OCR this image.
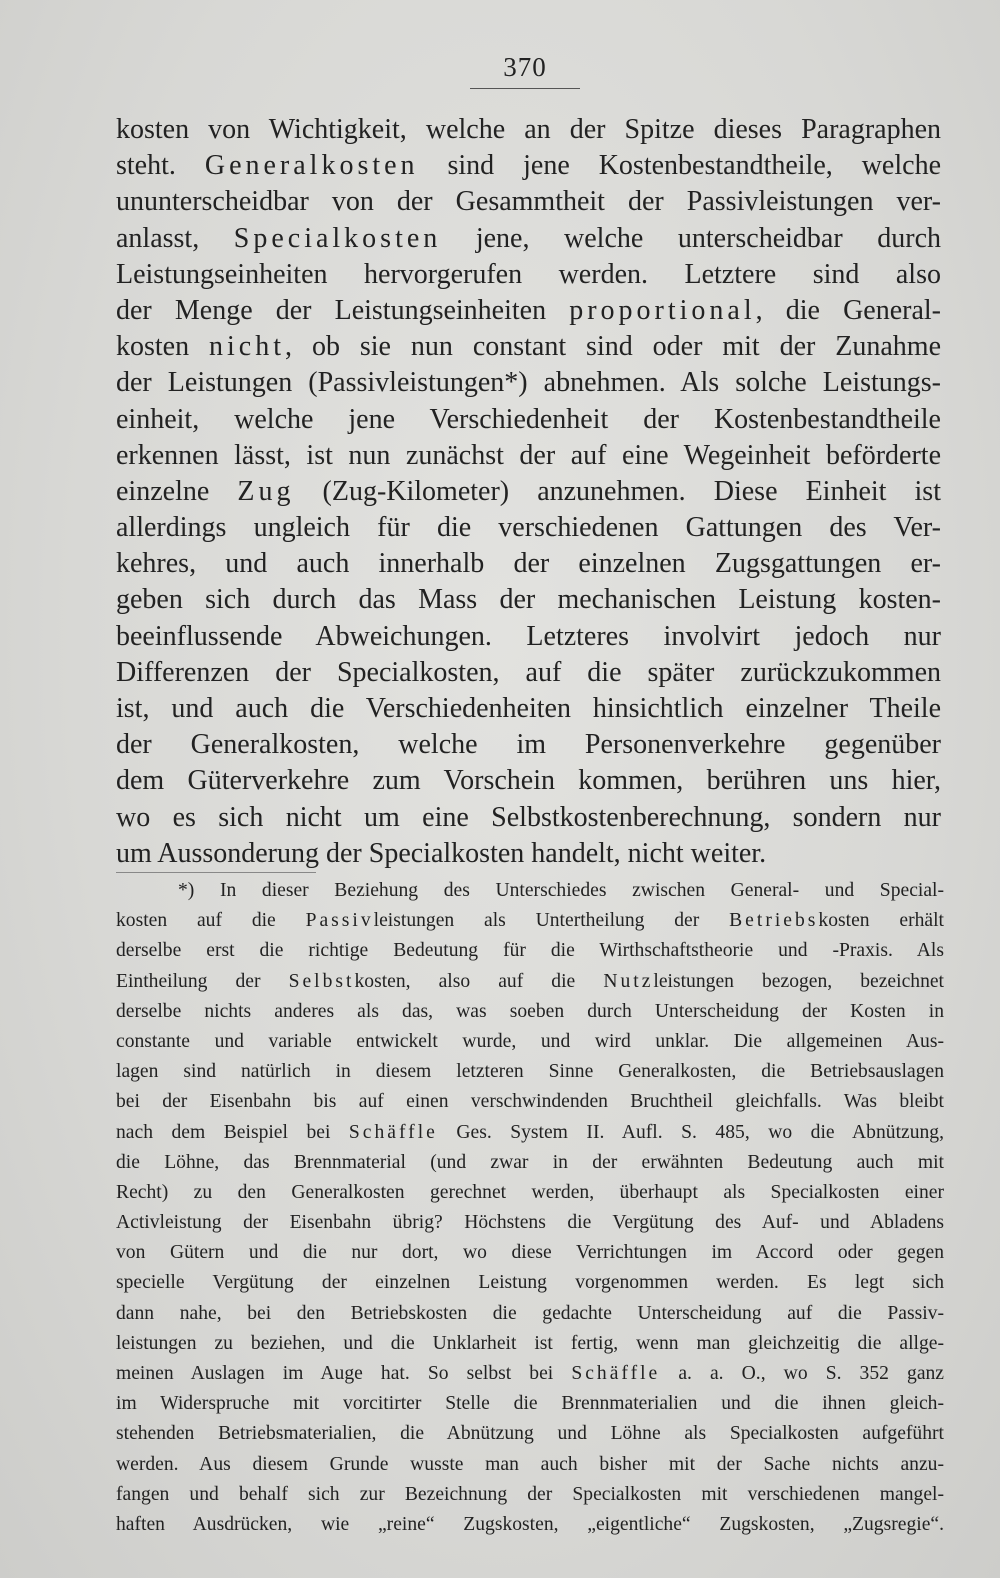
370
kosten von Wichtigkeit, welche an der Spitze dieses Paragraphen
steht. Generalkosten sind jene Kostenbestandtheile, welche
ununterscheidbar von der Gesammtheit der Passivleistungen ver-
anlasst, Specialkosten jene, welche unterscheidbar durch
Leistungseinheiten hervorgerufen werden. Letztere sind also
der Menge der Leistungseinheiten proportional, die General-
kosten nicht, ob sie nun constant sind oder mit der Zunahme
der Leistungen (Passivleistungen*) abnehmen. Als solche Leistungs-
einheit, welche jene Verschiedenheit der Kostenbestandtheile
erkennen lässt, ist nun zunächst der auf eine Wegeinheit beförderte
einzelne Zug (Zug-Kilometer) anzunehmen. Diese Einheit ist
allerdings ungleich für die verschiedenen Gattungen des Ver-
kehres, und auch innerhalb der einzelnen Zugsgattungen er-
geben sich durch das Mass der mechanischen Leistung kosten-
beeinflussende Abweichungen. Letzteres involvirt jedoch nur
Differenzen der Specialkosten, auf die später zurückzukommen
ist, und auch die Verschiedenheiten hinsichtlich einzelner Theile
der Generalkosten, welche im Personenverkehre gegenüber
dem Güterverkehre zum Vorschein kommen, berühren uns hier,
wo es sich nicht um eine Selbstkostenberechnung, sondern nur
um Aussonderung der Specialkosten handelt, nicht weiter.
*) In dieser Beziehung des Unterschiedes zwischen General- und Special-
kosten auf die Passivleistungen als Untertheilung der Betriebskosten erhält
derselbe erst die richtige Bedeutung für die Wirthschaftstheorie und -Praxis. Als
Eintheilung der Selbstkosten, also auf die Nutzleistungen bezogen, bezeichnet
derselbe nichts anderes als das, was soeben durch Unterscheidung der Kosten in
constante und variable entwickelt wurde, und wird unklar. Die allgemeinen Aus-
lagen sind natürlich in diesem letzteren Sinne Generalkosten, die Betriebsauslagen
bei der Eisenbahn bis auf einen verschwindenden Bruchtheil gleichfalls. Was bleibt
nach dem Beispiel bei Schäffle Ges. System II. Aufl. S. 485, wo die Abnützung,
die Löhne, das Brennmaterial (und zwar in der erwähnten Bedeutung auch mit
Recht) zu den Generalkosten gerechnet werden, überhaupt als Specialkosten einer
Activleistung der Eisenbahn übrig? Höchstens die Vergütung des Auf- und Abladens
von Gütern und die nur dort, wo diese Verrichtungen im Accord oder gegen
specielle Vergütung der einzelnen Leistung vorgenommen werden. Es legt sich
dann nahe, bei den Betriebskosten die gedachte Unterscheidung auf die Passiv-
leistungen zu beziehen, und die Unklarheit ist fertig, wenn man gleichzeitig die allge-
meinen Auslagen im Auge hat. So selbst bei Schäffle a. a. O., wo S. 352 ganz
im Widerspruche mit vorcitirter Stelle die Brennmaterialien und die ihnen gleich-
stehenden Betriebsmaterialien, die Abnützung und Löhne als Specialkosten aufgeführt
werden. Aus diesem Grunde wusste man auch bisher mit der Sache nichts anzu-
fangen und behalf sich zur Bezeichnung der Specialkosten mit verschiedenen mangel-
haften Ausdrücken, wie „reine“ Zugskosten, „eigentliche“ Zugskosten, „Zugsregie“.
